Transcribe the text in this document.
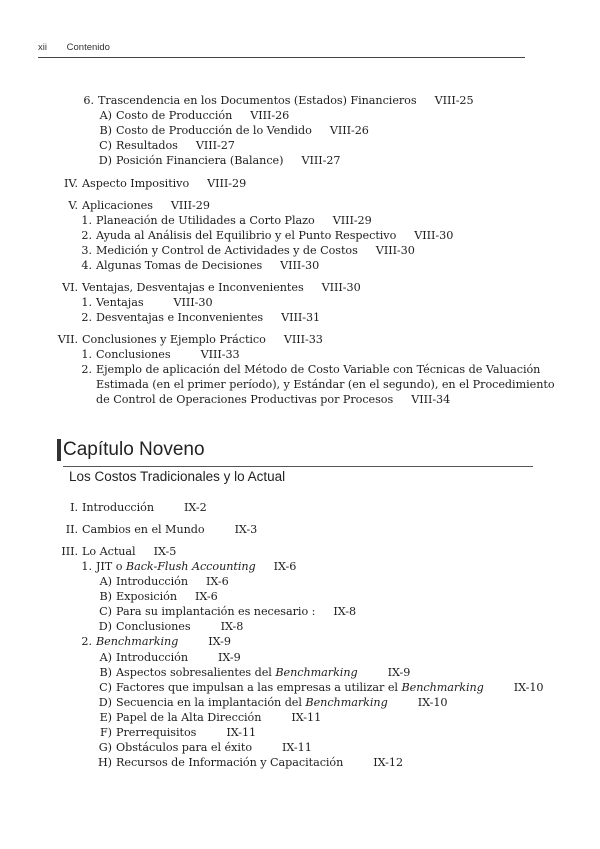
xii Contenido
6. Trascendencia en los Documentos (Estados) Financieros VIII-25
A) Costo de Producción VIII-26
B) Costo de Producción de lo Vendido VIII-26
C) Resultados VIII-27
D) Posición Financiera (Balance) VIII-27
IV. Aspecto Impositivo VIII-29
V. Aplicaciones VIII-29
1. Planeación de Utilidades a Corto Plazo VIII-29
2. Ayuda al Análisis del Equilibrio y el Punto Respectivo VIII-30
3. Medición y Control de Actividades y de Costos VIII-30
4. Algunas Tomas de Decisiones VIII-30
VI. Ventajas, Desventajas e Inconvenientes VIII-30
1. Ventajas	VIII-30
2. Desventajas e Inconvenientes VIII-31
VII. Conclusiones y Ejemplo Práctico VIII-33
1. Conclusiones	VIII-33
2. Ejemplo de aplicación del Método de Costo Variable con Técnicas de Valuación
Estimada (en el primer período), y Estándar (en el segundo), en el Procedimiento
de Control de Operaciones Productivas por Procesos VIII-34
Capítulo Noveno
Los Costos Tradicionales y lo Actual
I. Introducción	IX-2
II. Cambios en el Mundo	IX-3
III. Lo Actual IX-5
1. JIT o Back-Flush Accounting IX-6
A) Introducción IX-6
B) Exposición IX-6
C) Para su implantación es necesario : IX-8
D) Conclusiones	IX-8
2. Benchmarking	IX-9
A) Introducción	IX-9
B) Aspectos sobresalientes del Benchmarking	IX-9
C) Factores que impulsan a las empresas a utilizar el Benchmarking	IX-10
D) Secuencia en la implantación del Benchmarking	IX-10
E) Papel de la Alta Dirección	IX-11
F) Prerrequisitos	IX-11
G) Obstáculos para el éxito	IX-11
H) Recursos de Información y Capacitación	IX-12
